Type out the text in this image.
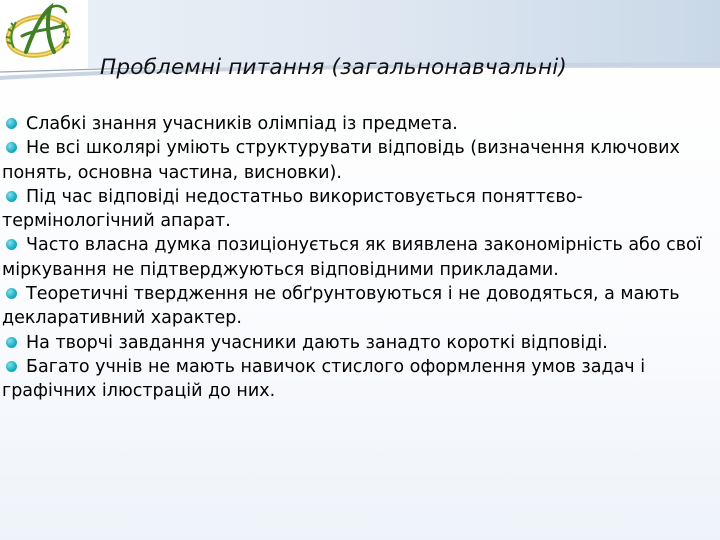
Проблемні питання (загальнонавчальні)
Слабкі знання учасників олімпіад із предмета.
Не всі школярі уміють структурувати відповідь (визначення ключових понять, основна частина, висновки).
Під час відповіді недостатньо використовується поняттєво-термінологічний апарат.
Часто власна думка позиціонується як виявлена закономірність або свої міркування не підтверджуються відповідними прикладами.
Теоретичні твердження не обґрунтовуються і не доводяться, а мають декларативний характер.
На творчі завдання учасники дають занадто короткі відповіді.
Багато учнів не мають навичок стислого оформлення умов задач і графічних ілюстрацій до них.
